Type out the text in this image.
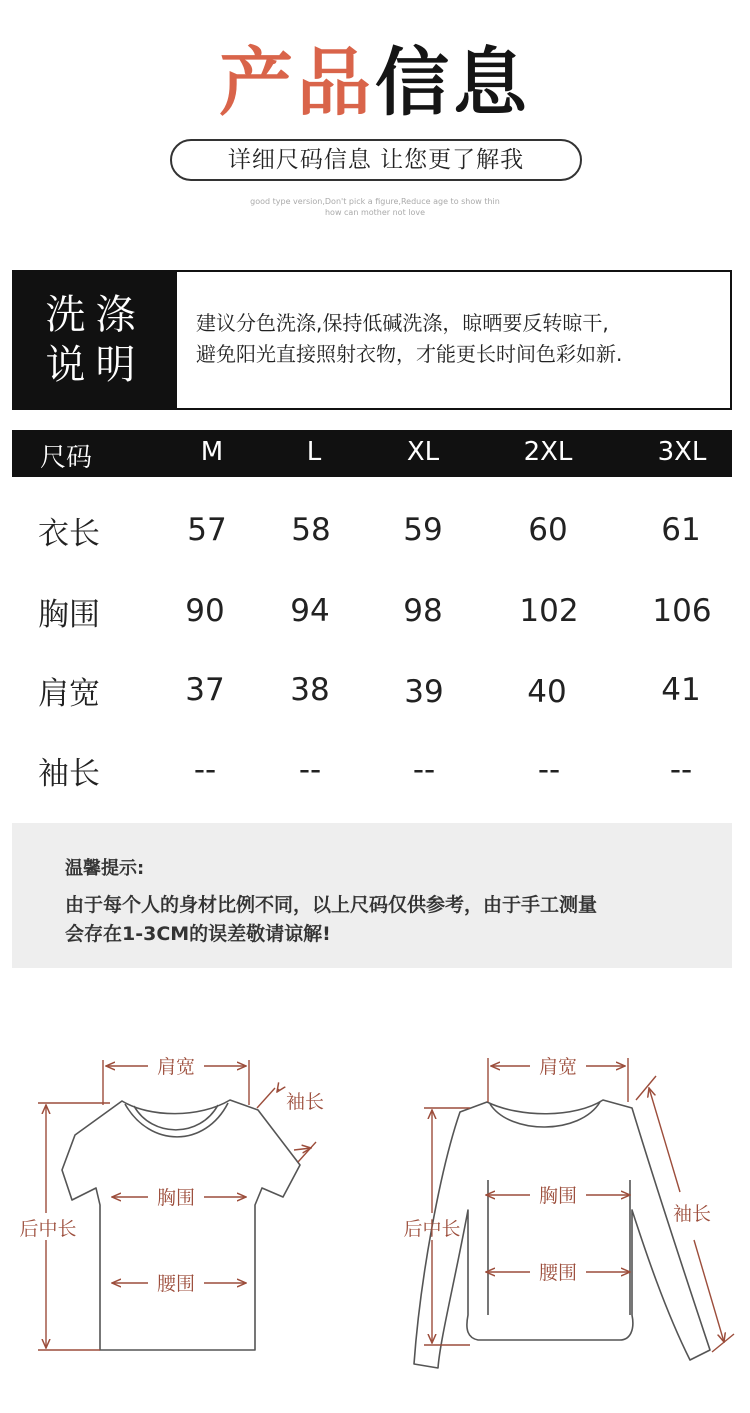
产品信息
详细尺码信息 让您更了解我
good type version,Don't pick a figure,Reduce age to show thin
how can mother not love
洗涤
说明
建议分色洗涤,保持低碱洗涤，晾晒要反转晾干,
避免阳光直接照射衣物，才能更长时间色彩如新.
尺码	M	L	XL	2XL	3XL
衣长	57	58	59	60	61
胸围	90	94	98	102	106
肩宽	37	38	39	40	41
袖长	--	--	--	--	--
温馨提示:
由于每个人的身材比例不同，以上尺码仅供参考，由于手工测量
会存在1-3CM的误差敬请谅解!
肩宽
袖长
胸围
腰围
后中长
肩宽
胸围
腰围
后中长
袖长
